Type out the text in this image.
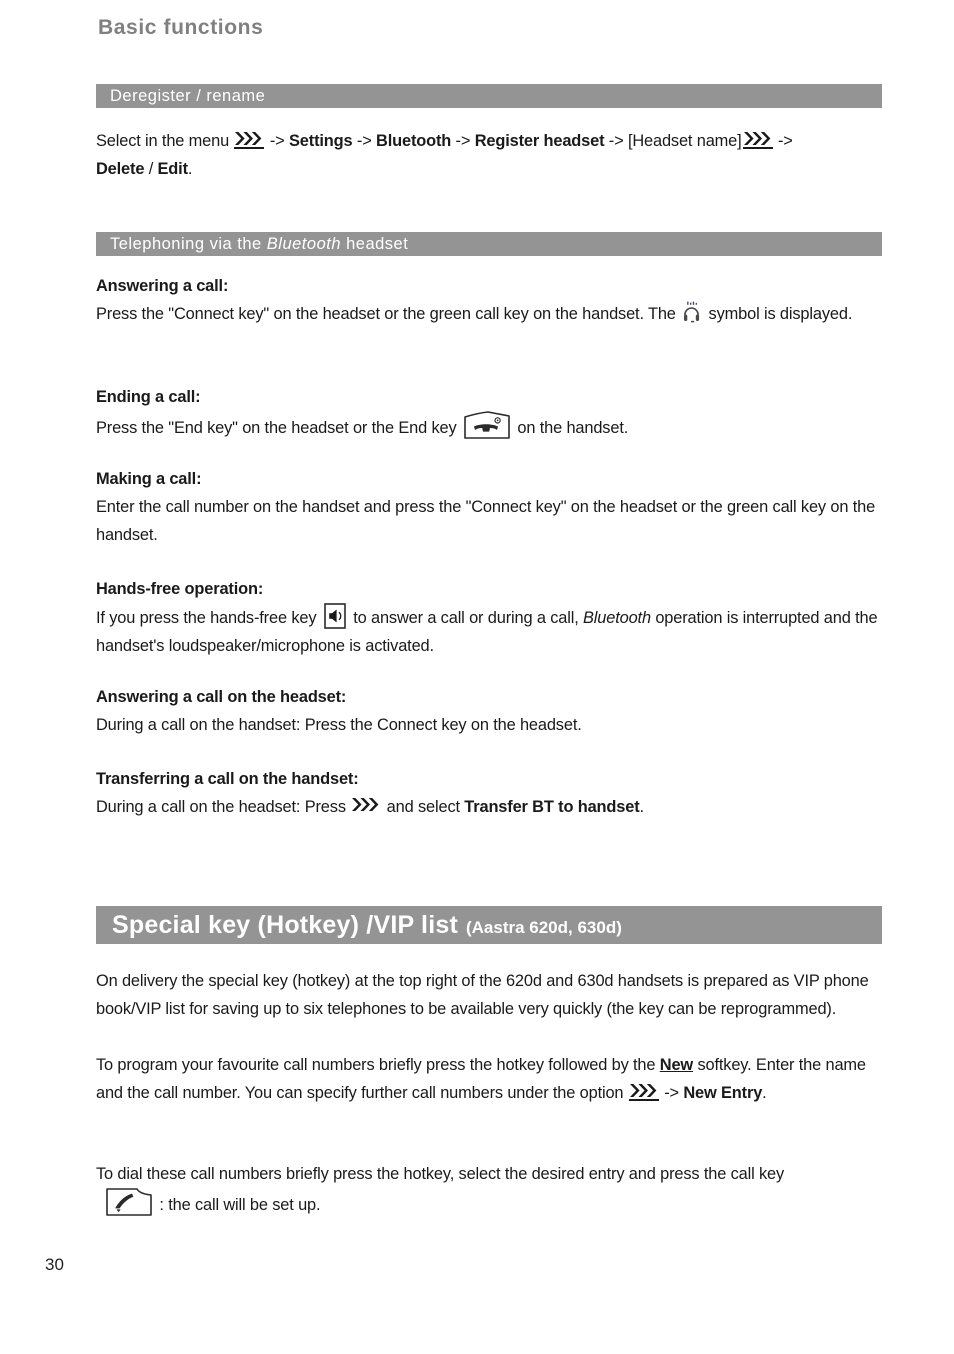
Basic functions
Deregister / rename
Select in the menu
-> Settings -> Bluetooth -> Register headset -> [Headset name]
->
Delete / Edit.
Telephoning via the Bluetooth headset
Answering a call:
Press the "Connect key" on the headset or the green call key on the handset. The  symbol is displayed.
Ending a call:
Press the "End key" on the headset or the End key	on the handset.
Making a call:
Enter the call number on the handset and press the "Connect key" on the headset or the green call key on the handset.
Hands-free operation:
If you press the hands-free key
to answer a call or during a call, Bluetooth operation is interrupted and the handset's loudspeaker/microphone is activated.
Answering a call on the headset:
During a call on the handset: Press the Connect key on the headset.
Transferring a call on the handset:
During a call on the headset: Press
and select Transfer BT to handset.
Special key (Hotkey) /VIP list (Aastra 620d, 630d)
On delivery the special key (hotkey) at the top right of the 620d and 630d handsets is prepared as VIP phone book/VIP list for saving up to six telephones to be available very quickly (the key can be reprogrammed).
To program your favourite call numbers briefly press the hotkey followed by the New softkey. Enter the name and the call number. You can specify further call numbers under the option
-> New Entry.
To dial these call numbers briefly press the hotkey, select the desired entry and press the call key

: the call will be set up.
30
